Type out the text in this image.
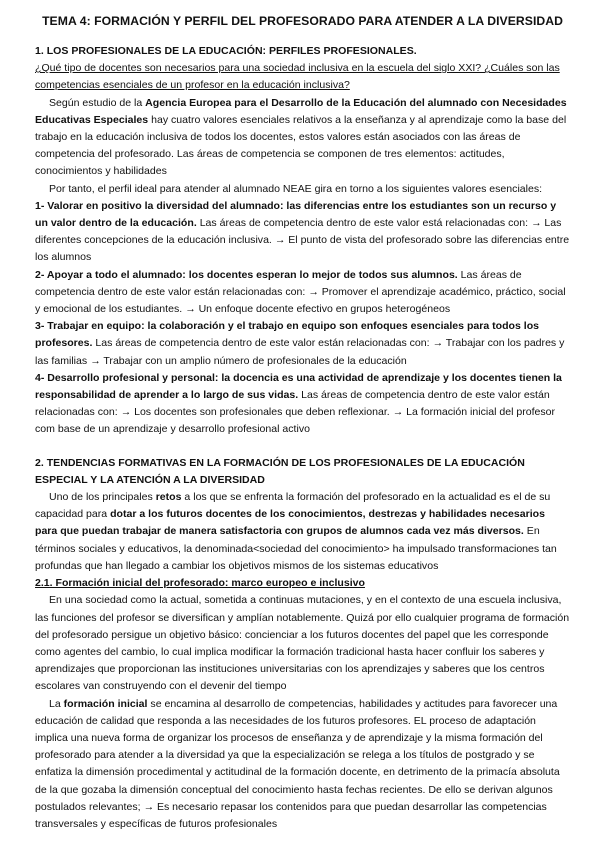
TEMA 4: FORMACIÓN Y PERFIL DEL PROFESORADO PARA ATENDER A LA DIVERSIDAD
1. LOS PROFESIONALES DE LA EDUCACIÓN: PERFILES PROFESIONALES.

¿Qué tipo de docentes son necesarios para una sociedad inclusiva en la escuela del siglo XXI? ¿Cuáles son las competencias esenciales de un profesor en la educación inclusiva?

Según estudio de la Agencia Europea para el Desarrollo de la Educación del alumnado con Necesidades Educativas Especiales hay cuatro valores esenciales relativos a la enseñanza y al aprendizaje como la base del trabajo en la educación inclusiva de todos los docentes, estos valores están asociados con las áreas de competencia del profesorado. Las áreas de competencia se componen de tres elementos: actitudes, conocimientos y habilidades

Por tanto, el perfil ideal para atender al alumnado NEAE gira en torno a los siguientes valores esenciales:

1- Valorar en positivo la diversidad del alumnado: las diferencias entre los estudiantes son un recurso y un valor dentro de la educación. Las áreas de competencia dentro de este valor está relacionadas con: → Las diferentes concepciones de la educación inclusiva. → El punto de vista del profesorado sobre las diferencias entre los alumnos

2- Apoyar a todo el alumnado: los docentes esperan lo mejor de todos sus alumnos. Las áreas de competencia dentro de este valor están relacionadas con: → Promover el aprendizaje académico, práctico, social y emocional de los estudiantes. → Un enfoque docente efectivo en grupos heterogéneos

3- Trabajar en equipo: la colaboración y el trabajo en equipo son enfoques esenciales para todos los profesores. Las áreas de competencia dentro de este valor están relacionadas con: → Trabajar con los padres y las familias → Trabajar con un amplio número de profesionales de la educación

4- Desarrollo profesional y personal: la docencia es una actividad de aprendizaje y los docentes tienen la responsabilidad de aprender a lo largo de sus vidas. Las áreas de competencia dentro de este valor están relacionadas con: → Los docentes son profesionales que deben reflexionar. → La formación inicial del profesor com base de un aprendizaje y desarrollo profesional activo

2. TENDENCIAS FORMATIVAS EN LA FORMACIÓN DE LOS PROFESIONALES DE LA EDUCACIÓN ESPECIAL Y LA ATENCIÓN A LA DIVERSIDAD

Uno de los principales retos a los que se enfrenta la formación del profesorado en la actualidad es el de su capacidad para dotar a los futuros docentes de los conocimientos, destrezas y habilidades necesarios para que puedan trabajar de manera satisfactoria con grupos de alumnos cada vez más diversos. En términos sociales y educativos, la denominada<sociedad del conocimiento> ha impulsado transformaciones tan profundas que han llegado a cambiar los objetivos mismos de los sistemas educativos

2.1. Formación inicial del profesorado: marco europeo e inclusivo

En una sociedad como la actual, sometida a continuas mutaciones, y en el contexto de una escuela inclusiva, las funciones del profesor se diversifican y amplían notablemente. Quizá por ello cualquier programa de formación del profesorado persigue un objetivo básico: concienciar a los futuros docentes del papel que les corresponde como agentes del cambio, lo cual implica modificar la formación tradicional hasta hacer confluir los saberes y aprendizajes que proporcionan las instituciones universitarias con los aprendizajes y saberes que los centros escolares van construyendo con el devenir del tiempo

La formación inicial se encamina al desarrollo de competencias, habilidades y actitudes para favorecer una educación de calidad que responda a las necesidades de los futuros profesores. EL proceso de adaptación implica una nueva forma de organizar los procesos de enseñanza y de aprendizaje y la misma formación del profesorado para atender a la diversidad ya que la especialización se relega a los títulos de postgrado y se enfatiza la dimensión procedimental y actitudinal de la formación docente, en detrimento de la primacía absoluta de la que gozaba la dimensión conceptual del conocimiento hasta fechas recientes. De ello se derivan algunos postulados relevantes; → Es necesario repasar los contenidos para que puedan desarrollar las competencias transversales y específicas de futuros profesionales
